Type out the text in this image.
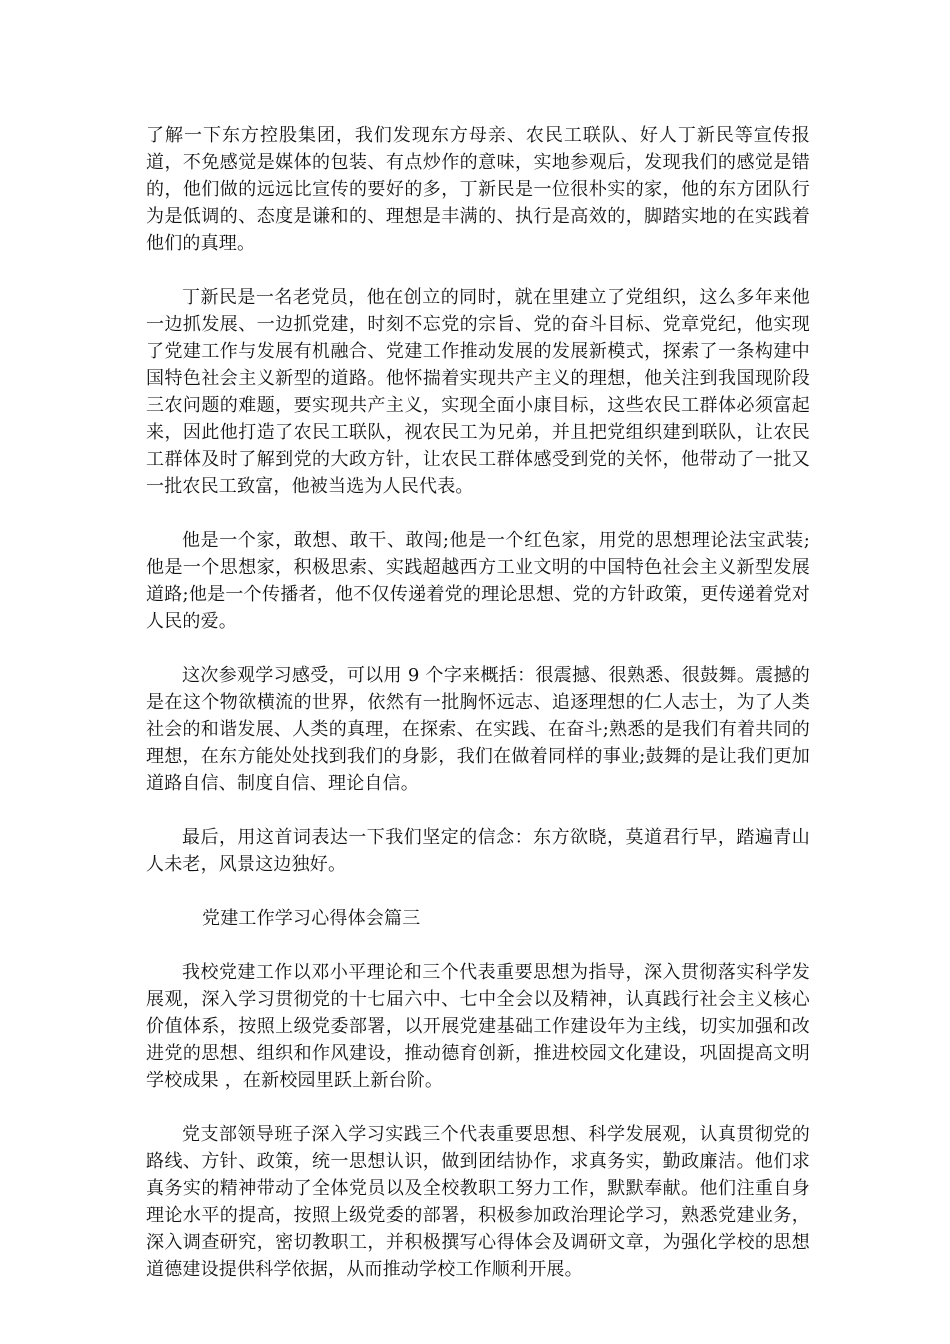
了解一下东方控股集团，我们发现东方母亲、农民工联队、好人丁新民等宣传报道，不免感觉是媒体的包装、有点炒作的意味，实地参观后，发现我们的感觉是错的，他们做的远远比宣传的要好的多，丁新民是一位很朴实的家，他的东方团队行为是低调的、态度是谦和的、理想是丰满的、执行是高效的，脚踏实地的在实践着他们的真理。

丁新民是一名老党员，他在创立的同时，就在里建立了党组织，这么多年来他一边抓发展、一边抓党建，时刻不忘党的宗旨、党的奋斗目标、党章党纪，他实现了党建工作与发展有机融合、党建工作推动发展的发展新模式，探索了一条构建中国特色社会主义新型的道路。他怀揣着实现共产主义的理想，他关注到我国现阶段三农问题的难题，要实现共产主义，实现全面小康目标，这些农民工群体必须富起来，因此他打造了农民工联队，视农民工为兄弟，并且把党组织建到联队，让农民工群体及时了解到党的大政方针，让农民工群体感受到党的关怀，他带动了一批又一批农民工致富，他被当选为人民代表。

他是一个家，敢想、敢干、敢闯;他是一个红色家，用党的思想理论法宝武装;他是一个思想家，积极思索、实践超越西方工业文明的中国特色社会主义新型发展道路;他是一个传播者，他不仅传递着党的理论思想、党的方针政策，更传递着党对人民的爱。

这次参观学习感受，可以用 9 个字来概括：很震撼、很熟悉、很鼓舞。震撼的是在这个物欲横流的世界，依然有一批胸怀远志、追逐理想的仁人志士，为了人类社会的和谐发展、人类的真理，在探索、在实践、在奋斗;熟悉的是我们有着共同的理想，在东方能处处找到我们的身影，我们在做着同样的事业;鼓舞的是让我们更加道路自信、制度自信、理论自信。

最后，用这首词表达一下我们坚定的信念：东方欲晓，莫道君行早，踏遍青山人未老，风景这边独好。

党建工作学习心得体会篇三

我校党建工作以邓小平理论和三个代表重要思想为指导，深入贯彻落实科学发展观，深入学习贯彻党的十七届六中、七中全会以及精神，认真践行社会主义核心价值体系，按照上级党委部署，以开展党建基础工作建设年为主线，切实加强和改进党的思想、组织和作风建设，推动德育创新，推进校园文化建设，巩固提高文明学校成果 ，在新校园里跃上新台阶。

党支部领导班子深入学习实践三个代表重要思想、科学发展观，认真贯彻党的路线、方针、政策，统一思想认识，做到团结协作，求真务实，勤政廉洁。他们求真务实的精神带动了全体党员以及全校教职工努力工作，默默奉献。他们注重自身理论水平的提高，按照上级党委的部署，积极参加政治理论学习，熟悉党建业务，深入调查研究，密切教职工，并积极撰写心得体会及调研文章，为强化学校的思想道德建设提供科学依据，从而推动学校工作顺利开展。
